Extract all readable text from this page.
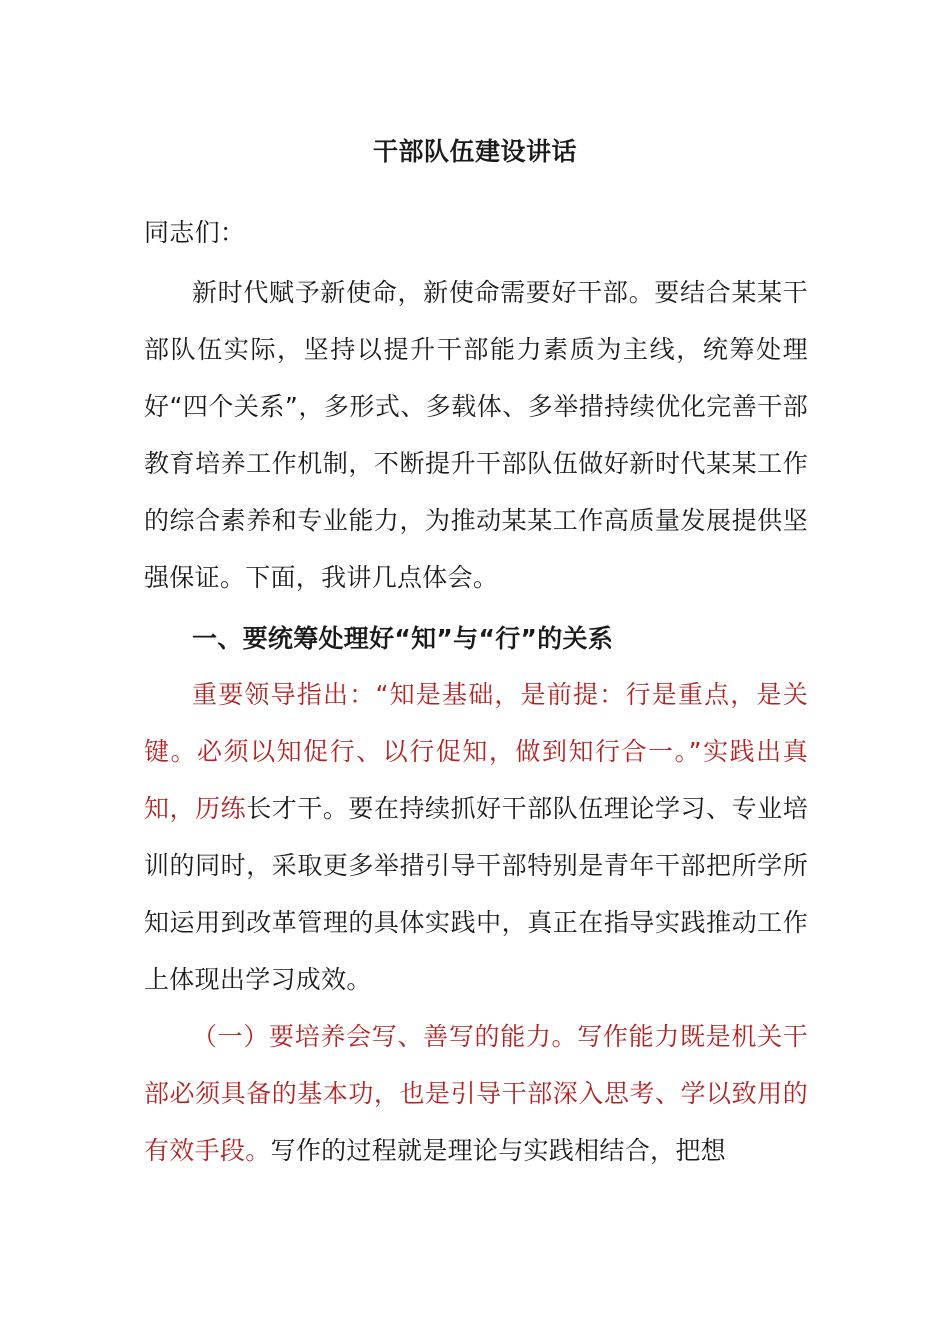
干部队伍建设讲话
同志们：
新时代赋予新使命，新使命需要好干部。要结合某某干部队伍实际，坚持以提升干部能力素质为主线，统筹处理好“四个关系”，多形式、多载体、多举措持续优化完善干部教育培养工作机制，不断提升干部队伍做好新时代某某工作的综合素养和专业能力，为推动某某工作高质量发展提供坚强保证。下面，我讲几点体会。
一、要统筹处理好“知”与“行”的关系
重要领导指出：“知是基础，是前提：行是重点，是关键。必须以知促行、以行促知，做到知行合一。”实践出真知，历练长才干。要在持续抓好干部队伍理论学习、专业培训的同时，采取更多举措引导干部特别是青年干部把所学所知运用到改革管理的具体实践中，真正在指导实践推动工作上体现出学习成效。
（一）要培养会写、善写的能力。写作能力既是机关干部必须具备的基本功，也是引导干部深入思考、学以致用的有效手段。写作的过程就是理论与实践相结合，把想
